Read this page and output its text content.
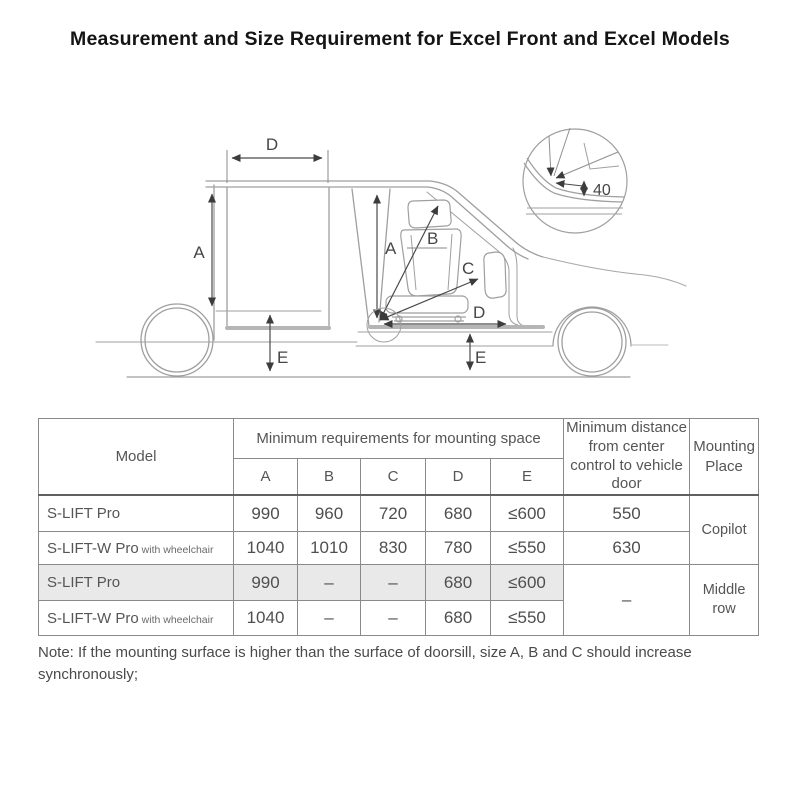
Measurement and Size Requirement for Excel Front and Excel Models
D
A
E
A
B
C
D
E
40
Model	Minimum requirements for mounting space					Minimum distance from center control to vehicle door	Mounting Place
	A	B	C	D	E		
S-LIFT Pro	990	960	720	680	≤600	550	Copilot
S-LIFT-W Pro with wheelchair	1040	1010	830	780	≤550	630	
S-LIFT Pro	990	–	–	680	≤600	–	Middle row
S-LIFT-W Pro with wheelchair	1040	–	–	680	≤550		
Note: If the mounting surface is higher than the surface of doorsill, size A, B and C should increase synchronously;
